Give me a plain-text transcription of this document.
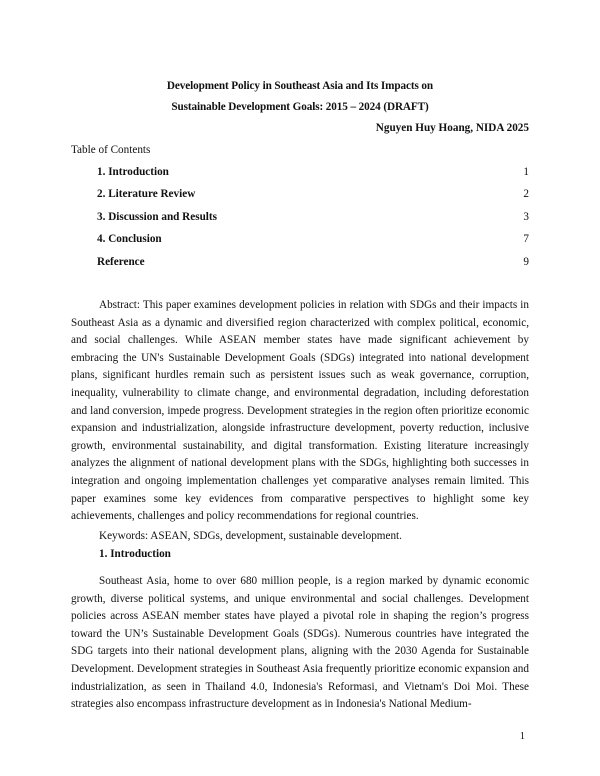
Development Policy in Southeast Asia and Its Impacts on
Sustainable Development Goals: 2015 – 2024 (DRAFT)
Nguyen Huy Hoang, NIDA 2025
Table of Contents
1. Introduction	1
2. Literature Review	2
3. Discussion and Results	3
4. Conclusion	7
Reference	9

Abstract: This paper examines development policies in relation with SDGs and their impacts in Southeast Asia as a dynamic and diversified region characterized with complex political, economic, and social challenges. While ASEAN member states have made significant achievement by embracing the UN's Sustainable Development Goals (SDGs) integrated into national development plans, significant hurdles remain such as persistent issues such as weak governance, corruption, inequality, vulnerability to climate change, and environmental degradation, including deforestation and land conversion, impede progress. Development strategies in the region often prioritize economic expansion and industrialization, alongside infrastructure development, poverty reduction, inclusive growth, environmental sustainability, and digital transformation. Existing literature increasingly analyzes the alignment of national development plans with the SDGs, highlighting both successes in integration and ongoing implementation challenges yet comparative analyses remain limited. This paper examines some key evidences from comparative perspectives to highlight some key achievements, challenges and policy recommendations for regional countries.

Keywords: ASEAN, SDGs, development, sustainable development.
1. Introduction

Southeast Asia, home to over 680 million people, is a region marked by dynamic economic growth, diverse political systems, and unique environmental and social challenges. Development policies across ASEAN member states have played a pivotal role in shaping the region’s progress toward the UN’s Sustainable Development Goals (SDGs). Numerous countries have integrated the SDG targets into their national development plans, aligning with the 2030 Agenda for Sustainable Development. Development strategies in Southeast Asia frequently prioritize economic expansion and industrialization, as seen in Thailand 4.0, Indonesia's Reformasi, and Vietnam's Doi Moi. These strategies also encompass infrastructure development as in Indonesia's National Medium-

1
